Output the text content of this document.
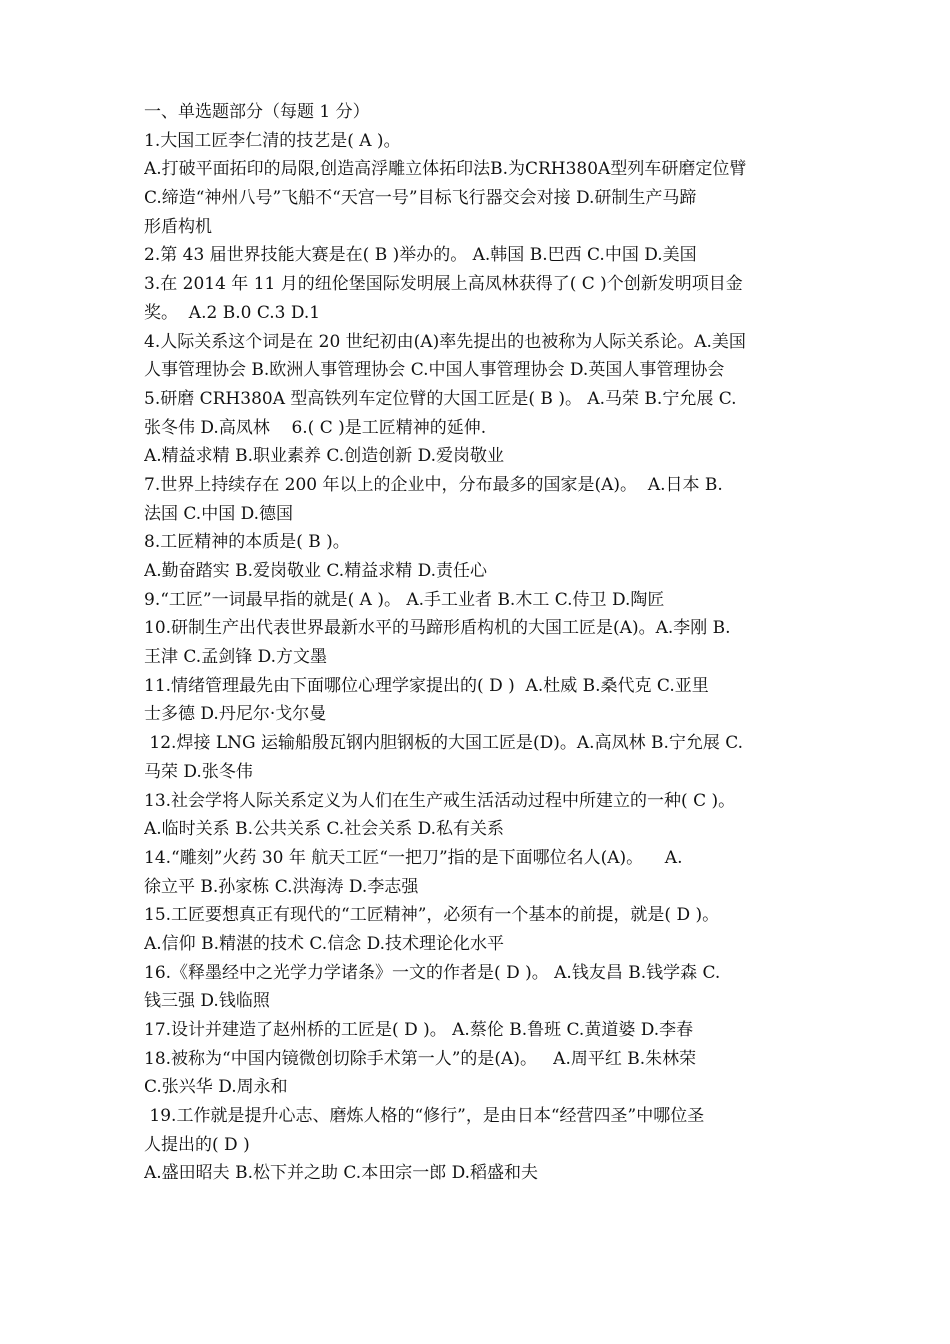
一、单选题部分（每题 1 分）
1.大国工匠李仁清的技艺是( A )。
A.打破平面拓印的局限,创造高浮雕立体拓印法B.为CRH380A型列车研磨定位臂
C.缔造“神州八号”飞船不“天宫一号”目标飞行器交会对接 D.研制生产马蹄
形盾构机
2.第 43 届世界技能大赛是在( B )举办的。 A.韩国 B.巴西 C.中国 D.美国
3.在 2014 年 11 月的纽伦堡国际发明展上高凤林获得了( C )个创新发明项目金
奖。  A.2 B.0 C.3 D.1
4.人际关系这个词是在 20 世纪初由(A)率先提出的也被称为人际关系论。A.美国
人事管理协会 B.欧洲人事管理协会 C.中国人事管理协会 D.英国人事管理协会
5.研磨 CRH380A 型高铁列车定位臂的大国工匠是( B )。 A.马荣 B.宁允展 C.
张冬伟 D.高凤林    6.( C )是工匠精神的延伸.
A.精益求精 B.职业素养 C.创造创新 D.爱岗敬业
7.世界上持续存在 200 年以上的企业中，分布最多的国家是(A)。  A.日本 B.
法国 C.中国 D.德国
8.工匠精神的本质是( B )。
A.勤奋踏实 B.爱岗敬业 C.精益求精 D.责任心
9.“工匠”一词最早指的就是( A )。 A.手工业者 B.木工 C.侍卫 D.陶匠
10.研制生产出代表世界最新水平的马蹄形盾构机的大国工匠是(A)。A.李刚 B.
王津 C.孟剑锋 D.方文墨
11.情绪管理最先由下面哪位心理学家提出的( D )  A.杜威 B.桑代克 C.亚里
士多德 D.丹尼尔·戈尔曼
12.焊接 LNG 运输船殷瓦钢内胆钢板的大国工匠是(D)。A.高凤林 B.宁允展 C.
马荣 D.张冬伟
13.社会学将人际关系定义为人们在生产戒生活活动过程中所建立的一种( C )。
A.临时关系 B.公共关系 C.社会关系 D.私有关系
14.“雕刻”火药 30 年 航天工匠“一把刀”指的是下面哪位名人(A)。    A.
徐立平 B.孙家栋 C.洪海涛 D.李志强
15.工匠要想真正有现代的“工匠精神”，必须有一个基本的前提，就是( D )。
A.信仰 B.精湛的技术 C.信念 D.技术理论化水平
16.《释墨经中之光学力学诸条》一文的作者是( D )。 A.钱友昌 B.钱学森 C.
钱三强 D.钱临照
17.设计并建造了赵州桥的工匠是( D )。 A.蔡伦 B.鲁班 C.黄道婆 D.李春
18.被称为“中国内镜微创切除手术第一人”的是(A)。   A.周平红 B.朱林荣
C.张兴华 D.周永和
19.工作就是提升心志、磨炼人格的“修行”，是由日本“经营四圣”中哪位圣
人提出的( D )
A.盛田昭夫 B.松下并之助 C.本田宗一郎 D.稻盛和夫
